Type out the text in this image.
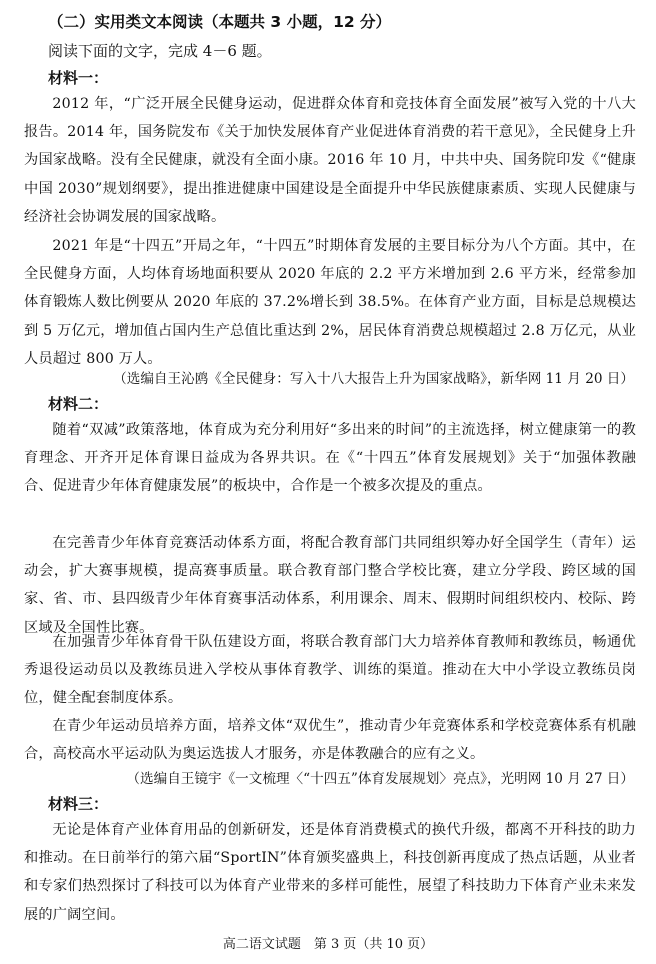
（二）实用类文本阅读（本题共 3 小题，12 分）
阅读下面的文字，完成 4－6 题。
材料一：

2012 年，“广泛开展全民健身运动，促进群众体育和竞技体育全面发展”被写入党的十八大报告。2014 年，国务院发布《关于加快发展体育产业促进体育消费的若干意见》，全民健身上升为国家战略。没有全民健康，就没有全面小康。2016 年 10 月，中共中央、国务院印发《“健康中国 2030”规划纲要》，提出推进健康中国建设是全面提升中华民族健康素质、实现人民健康与经济社会协调发展的国家战略。

2021 年是“十四五”开局之年，“十四五”时期体育发展的主要目标分为八个方面。其中，在全民健身方面，人均体育场地面积要从 2020 年底的 2.2 平方米增加到 2.6 平方米，经常参加体育锻炼人数比例要从 2020 年底的 37.2%增长到 38.5%。在体育产业方面，目标是总规模达到 5 万亿元，增加值占国内生产总值比重达到 2%，居民体育消费总规模超过 2.8 万亿元，从业人员超过 800 万人。

（选编自王沁鸥《全民健身：写入十八大报告上升为国家战略》，新华网 11 月 20 日）
材料二：

随着“双减”政策落地，体育成为充分利用好“多出来的时间”的主流选择，树立健康第一的教育理念、开齐开足体育课日益成为各界共识。在《“十四五”体育发展规划》关于“加强体教融合、促进青少年体育健康发展”的板块中，合作是一个被多次提及的重点。

在完善青少年体育竞赛活动体系方面，将配合教育部门共同组织筹办好全国学生（青年）运动会，扩大赛事规模，提高赛事质量。联合教育部门整合学校比赛，建立分学段、跨区域的国家、省、市、县四级青少年体育赛事活动体系，利用课余、周末、假期时间组织校内、校际、跨区域及全国性比赛。

在加强青少年体育骨干队伍建设方面，将联合教育部门大力培养体育教师和教练员，畅通优秀退役运动员以及教练员进入学校从事体育教学、训练的渠道。推动在大中小学设立教练员岗位，健全配套制度体系。

在青少年运动员培养方面，培养文体“双优生”，推动青少年竞赛体系和学校竞赛体系有机融合，高校高水平运动队为奥运选拔人才服务，亦是体教融合的应有之义。

（选编自王镜宇《一文梳理〈“十四五”体育发展规划〉亮点》，光明网 10 月 27 日）
材料三：

无论是体育产业体育用品的创新研发，还是体育消费模式的换代升级，都离不开科技的助力和推动。在日前举行的第六届“SportIN”体育颁奖盛典上，科技创新再度成了热点话题，从业者和专家们热烈探讨了科技可以为体育产业带来的多样可能性，展望了科技助力下体育产业未来发展的广阔空间。

高二语文试题　第 3 页（共 10 页）
